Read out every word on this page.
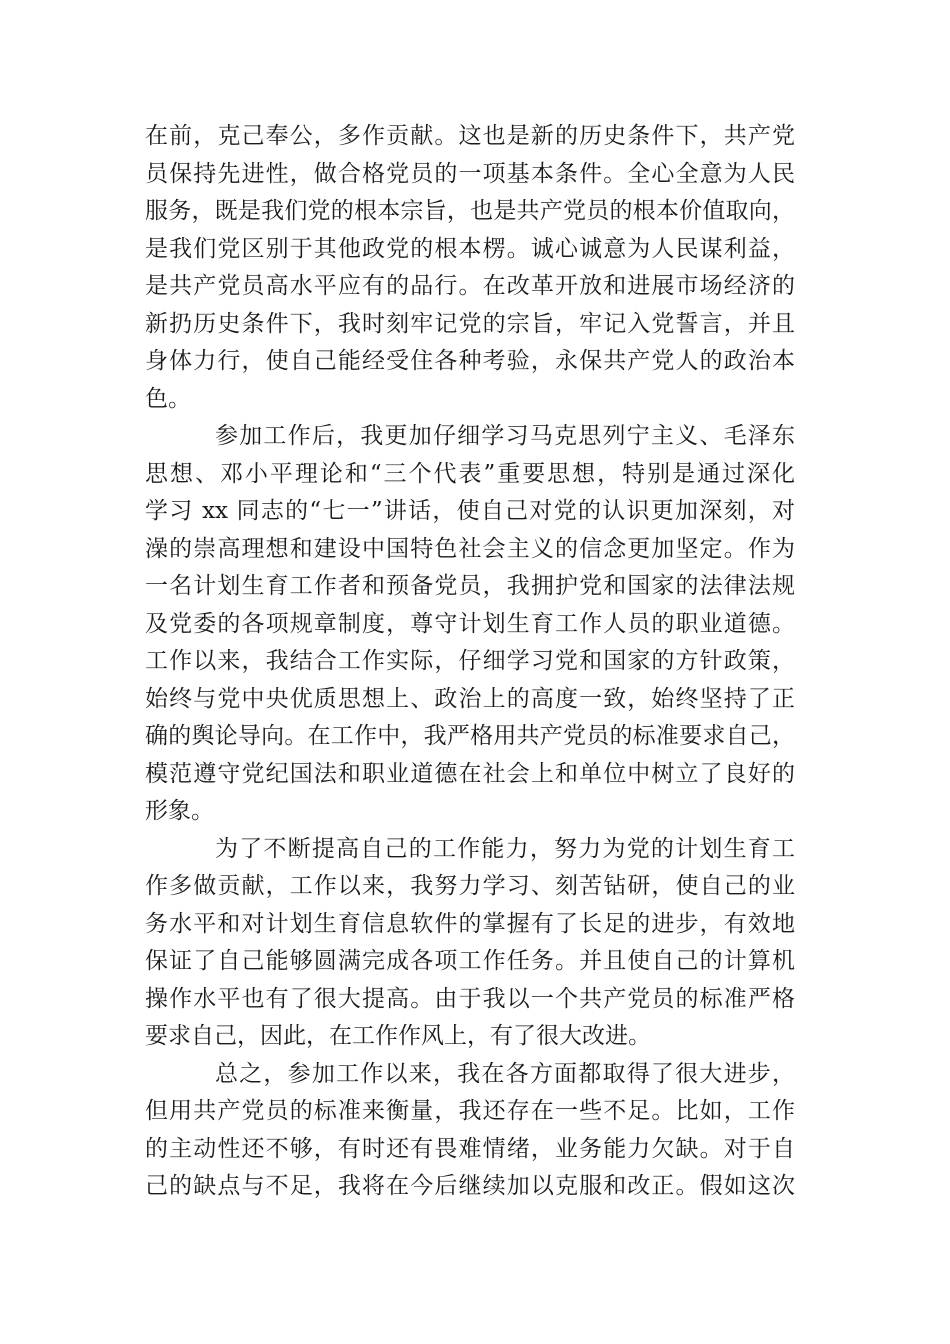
在前，克己奉公，多作贡献。这也是新的历史条件下，共产党
员保持先进性，做合格党员的一项基本条件。全心全意为人民
服务，既是我们党的根本宗旨，也是共产党员的根本价值取向，
是我们党区别于其他政党的根本楞。诚心诚意为人民谋利益，
是共产党员高水平应有的品行。在改革开放和进展市场经济的
新扔历史条件下，我时刻牢记党的宗旨，牢记入党誓言，并且
身体力行，使自己能经受住各种考验，永保共产党人的政治本
色。
参加工作后，我更加仔细学习马克思列宁主义、毛泽东
思想、邓小平理论和“三个代表”重要思想，特别是通过深化
学习 xx 同志的“七一”讲话，使自己对党的认识更加深刻，对
澡的崇高理想和建设中国特色社会主义的信念更加坚定。作为
一名计划生育工作者和预备党员，我拥护党和国家的法律法规
及党委的各项规章制度，尊守计划生育工作人员的职业道德。
工作以来，我结合工作实际，仔细学习党和国家的方针政策，
始终与党中央优质思想上、政治上的高度一致，始终坚持了正
确的舆论导向。在工作中，我严格用共产党员的标准要求自己，
模范遵守党纪国法和职业道德在社会上和单位中树立了良好的
形象。
为了不断提高自己的工作能力，努力为党的计划生育工
作多做贡献，工作以来，我努力学习、刻苦钻研，使自己的业
务水平和对计划生育信息软件的掌握有了长足的进步，有效地
保证了自己能够圆满完成各项工作任务。并且使自己的计算机
操作水平也有了很大提高。由于我以一个共产党员的标准严格
要求自己，因此，在工作作风上，有了很大改进。
总之，参加工作以来，我在各方面都取得了很大进步，
但用共产党员的标准来衡量，我还存在一些不足。比如，工作
的主动性还不够，有时还有畏难情绪，业务能力欠缺。对于自
己的缺点与不足，我将在今后继续加以克服和改正。假如这次
